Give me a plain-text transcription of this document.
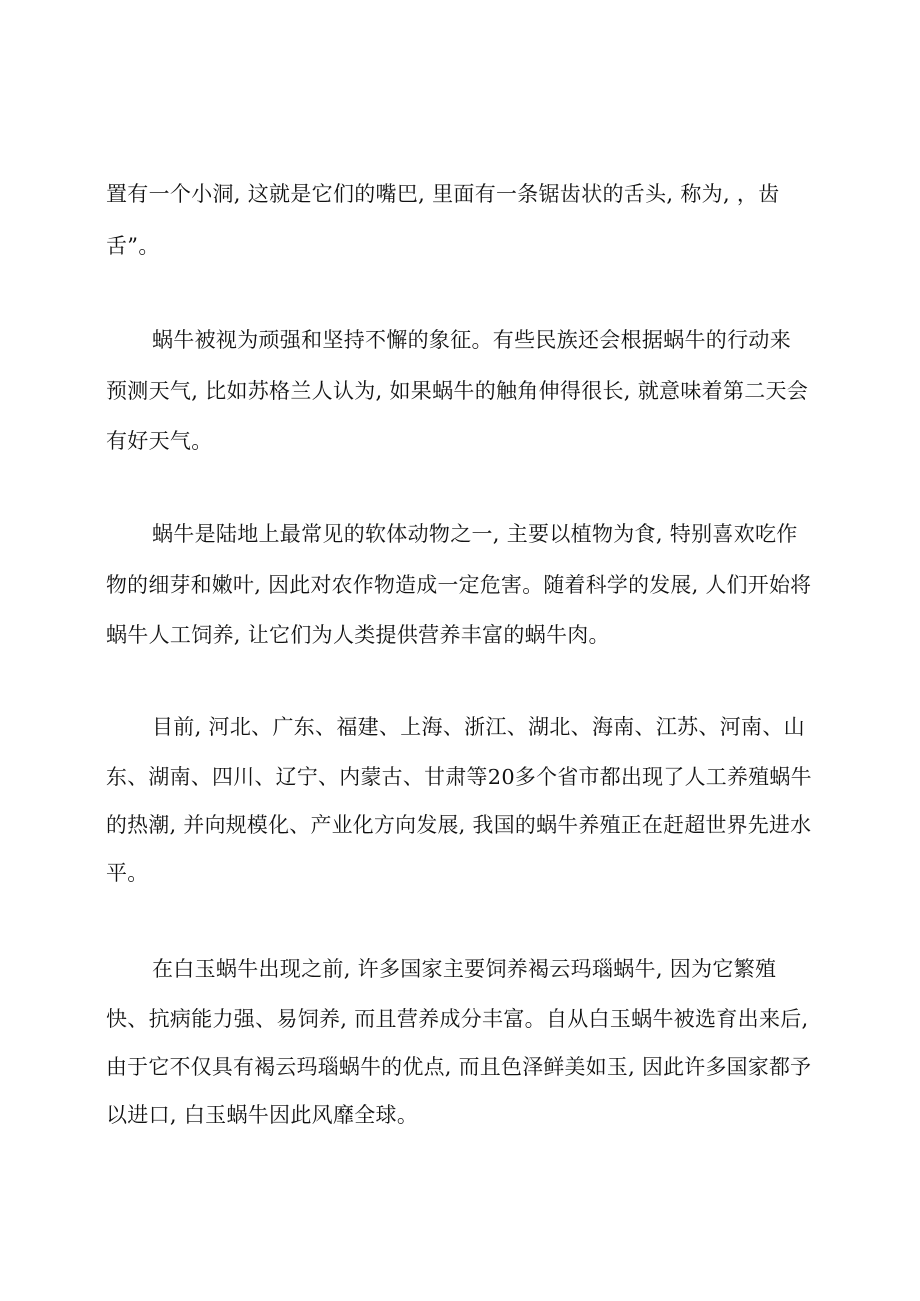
置有一个小洞, 这就是它们的嘴巴, 里面有一条锯齿状的舌头, 称为, ，齿
舌”。
蜗牛被视为顽强和坚持不懈的象征。有些民族还会根据蜗牛的行动来
预测天气, 比如苏格兰人认为, 如果蜗牛的触角伸得很长, 就意味着第二天会
有好天气。
蜗牛是陆地上最常见的软体动物之一, 主要以植物为食, 特别喜欢吃作
物的细芽和嫩叶, 因此对农作物造成一定危害。随着科学的发展, 人们开始将
蜗牛人工饲养, 让它们为人类提供营养丰富的蜗牛肉。
目前, 河北、广东、福建、上海、浙江、湖北、海南、江苏、河南、山
东、湖南、四川、辽宁、内蒙古、甘肃等20多个省市都出现了人工养殖蜗牛
的热潮, 并向规模化、产业化方向发展, 我国的蜗牛养殖正在赶超世界先进水
平。
在白玉蜗牛出现之前, 许多国家主要饲养褐云玛瑙蜗牛, 因为它繁殖
快、抗病能力强、易饲养, 而且营养成分丰富。自从白玉蜗牛被选育出来后,
由于它不仅具有褐云玛瑙蜗牛的优点, 而且色泽鲜美如玉, 因此许多国家都予
以进口, 白玉蜗牛因此风靡全球。
